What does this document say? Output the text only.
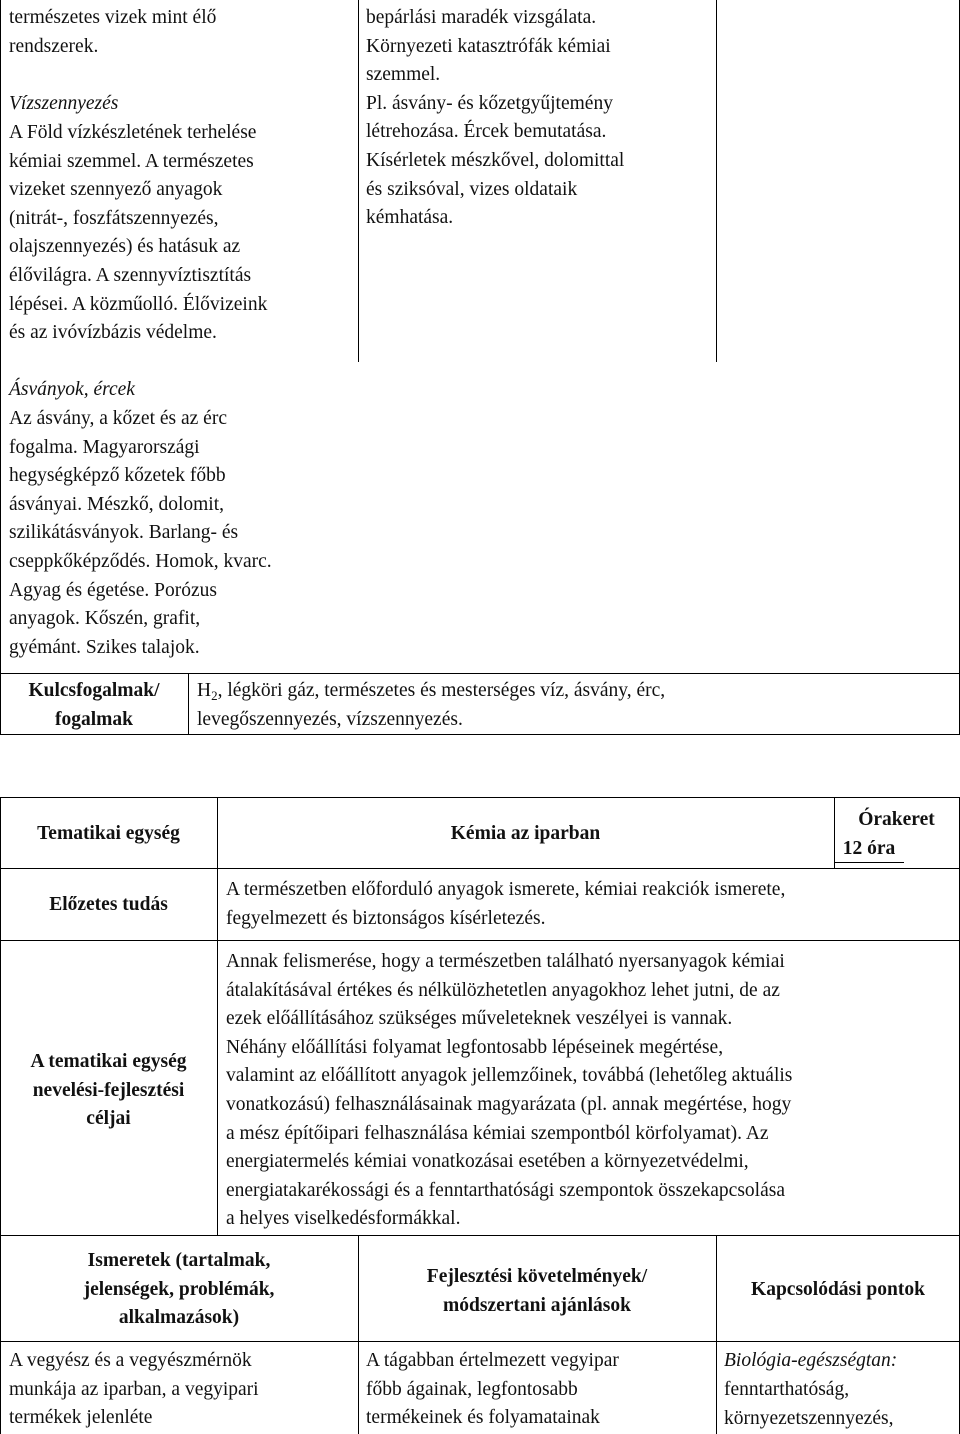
természetes vizek mint élő
rendszerek.
Vízszennyezés
A Föld vízkészletének terhelése
kémiai szemmel. A természetes
vizeket szennyező anyagok
(nitrát-, foszfátszennyezés,
olajszennyezés) és hatásuk az
élővilágra. A szennyvíztisztítás
lépései. A közműolló. Élővizeink
és az ivóvízbázis védelme.
Ásványok, ércek
Az ásvány, a kőzet és az érc
fogalma. Magyarországi
hegységképző kőzetek főbb
ásványai. Mészkő, dolomit,
szilikátásványok. Barlang- és
cseppkőképződés. Homok, kvarc.
Agyag és égetése. Porózus
anyagok. Kőszén, grafit,
gyémánt. Szikes talajok.
bepárlási maradék vizsgálata.
Környezeti katasztrófák kémiai
szemmel.
Pl. ásvány- és kőzetgyűjtemény
létrehozása. Ércek bemutatása.
Kísérletek mészkővel, dolomittal
és sziksóval, vizes oldataik
kémhatása.
Kulcsfogalmak/
fogalmak
$H_2$, légköri gáz, természetes és mesterséges víz, ásvány, érc,
levegőszennyezés, vízszennyezés.
Tematikai egység	Kémia az iparban
Órakeret
12 óra
Előzetes tudás
A természetben előforduló anyagok ismerete, kémiai reakciók ismerete,
fegyelmezett és biztonságos kísérletezés.
A tematikai egység
nevelési-fejlesztési
céljai
Annak felismerése, hogy a természetben található nyersanyagok kémiai
átalakításával értékes és nélkülözhetetlen anyagokhoz lehet jutni, de az
ezek előállításához szükséges műveleteknek veszélyei is vannak.
Néhány előállítási folyamat legfontosabb lépéseinek megértése,
valamint az előállított anyagok jellemzőinek, továbbá (lehetőleg aktuális
vonatkozású) felhasználásainak magyarázata (pl. annak megértése, hogy
a mész építőipari felhasználása kémiai szempontból körfolyamat). Az
energiatermelés kémiai vonatkozásai esetében a környezetvédelmi,
energiatakarékossági és a fenntarthatósági szempontok összekapcsolása
a helyes viselkedésformákkal.
Ismeretek (tartalmak,
jelenségek, problémák,
alkalmazások)
Fejlesztési követelmények/
módszertani ajánlások
Kapcsolódási pontok
A vegyész és a vegyészmérnök
munkája az iparban, a vegyipari
termékek jelenléte
A tágabban értelmezett vegyipar
főbb ágainak, legfontosabb
termékeinek és folyamatainak
Biológia-egészségtan:
fenntarthatóság,
környezetszennyezés,
